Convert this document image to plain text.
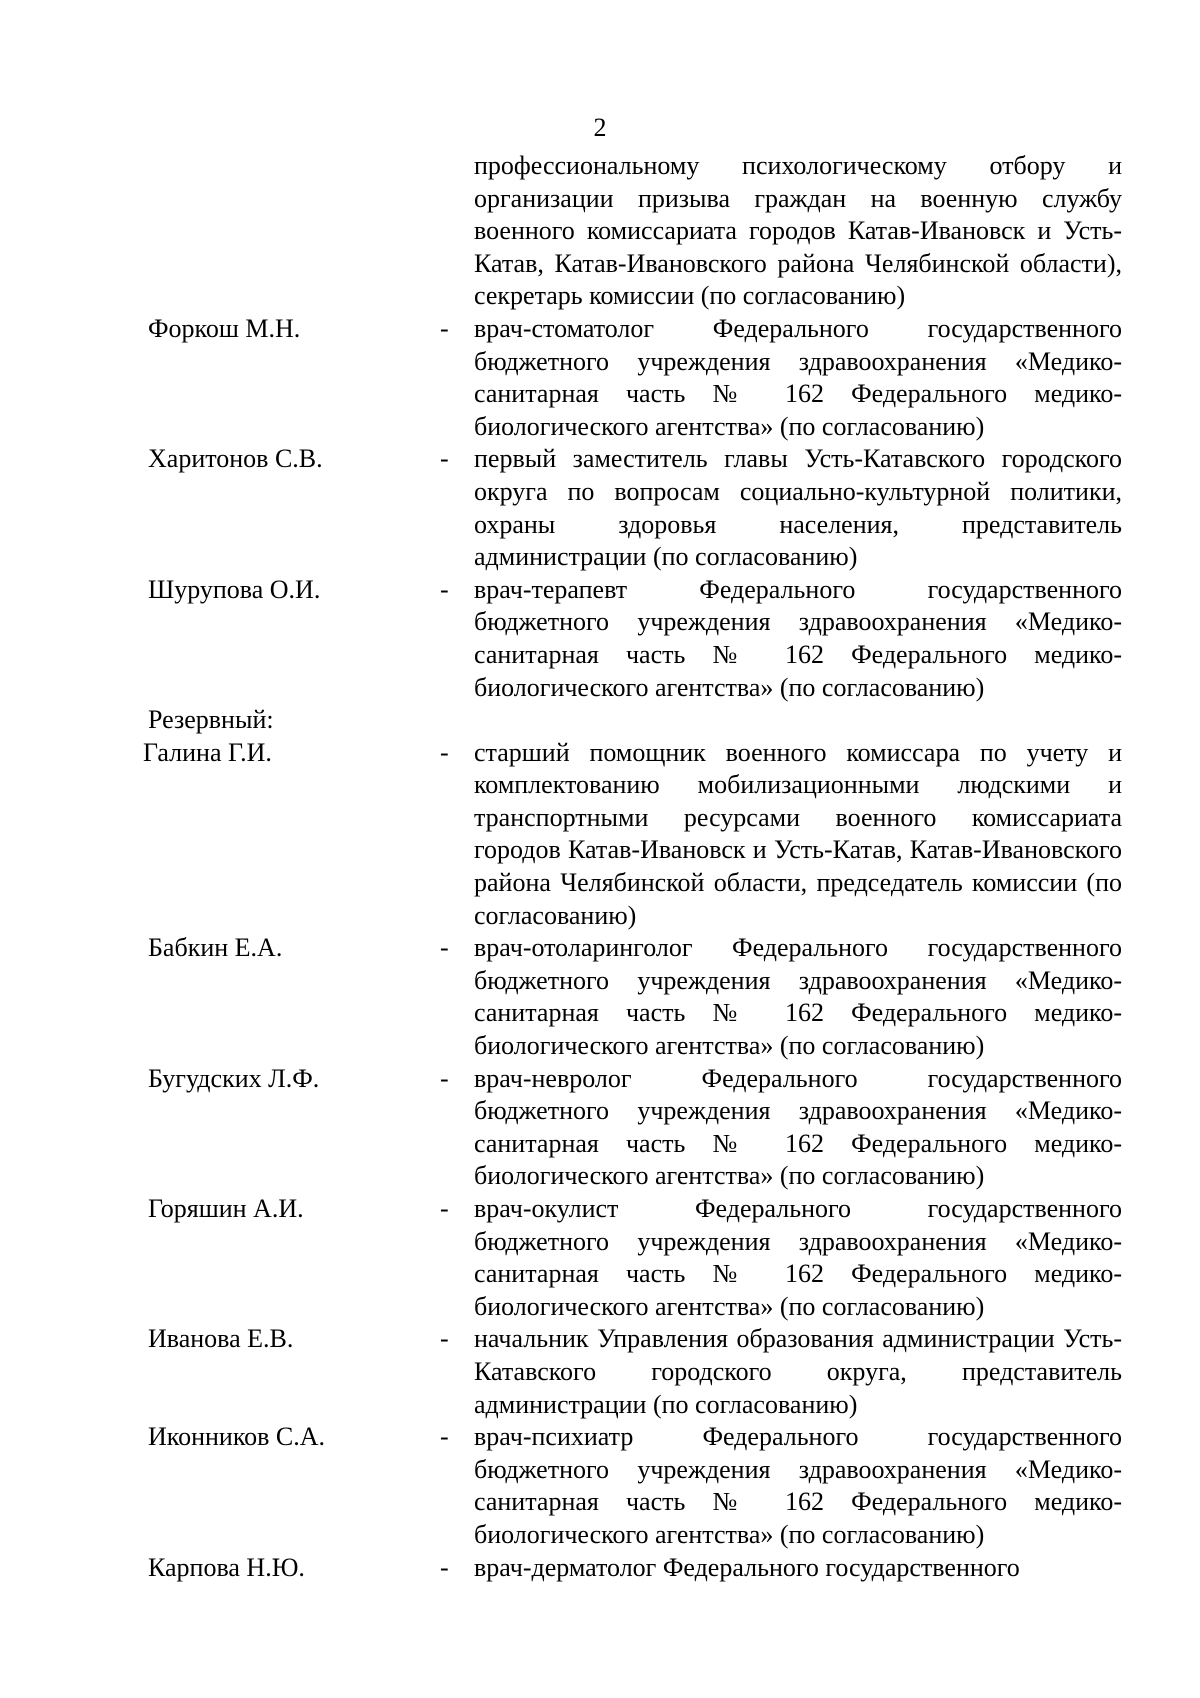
2
профессиональному психологическому отбору и организации призыва граждан на военную службу военного комиссариата городов Катав-Ивановск и Усть-Катав, Катав-Ивановского района Челябинской области), секретарь комиссии (по согласованию)
Форкош М.Н.	- врач-стоматолог Федерального государственного бюджетного учреждения здравоохранения «Медико-санитарная часть № 162 Федерального медико-биологического агентства» (по согласованию)
Харитонов С.В.	- первый заместитель главы Усть-Катавского городского округа по вопросам социально-культурной политики, охраны здоровья населения, представитель администрации (по согласованию)
Шурупова О.И.	- врач-терапевт Федерального государственного бюджетного учреждения здравоохранения «Медико-санитарная часть № 162 Федерального медико-биологического агентства» (по согласованию)
Резервный:
Галина Г.И.	- старший помощник военного комиссара по учету и комплектованию мобилизационными людскими и транспортными ресурсами военного комиссариата городов Катав-Ивановск и Усть-Катав, Катав-Ивановского района Челябинской области, председатель комиссии (по согласованию)
Бабкин Е.А.	- врач-отоларинголог Федерального государственного бюджетного учреждения здравоохранения «Медико-санитарная часть № 162 Федерального медико-биологического агентства» (по согласованию)
Бугудских Л.Ф.	- врач-невролог Федерального государственного бюджетного учреждения здравоохранения «Медико-санитарная часть № 162 Федерального медико-биологического агентства» (по согласованию)
Горяшин А.И.	- врач-окулист Федерального государственного бюджетного учреждения здравоохранения «Медико-санитарная часть № 162 Федерального медико-биологического агентства» (по согласованию)
Иванова Е.В.	- начальник Управления образования администрации Усть-Катавского городского округа, представитель администрации (по согласованию)
Иконников С.А.	- врач-психиатр Федерального государственного бюджетного учреждения здравоохранения «Медико-санитарная часть № 162 Федерального медико-биологического агентства» (по согласованию)
Карпова Н.Ю.	- врач-дерматолог Федерального государственного
